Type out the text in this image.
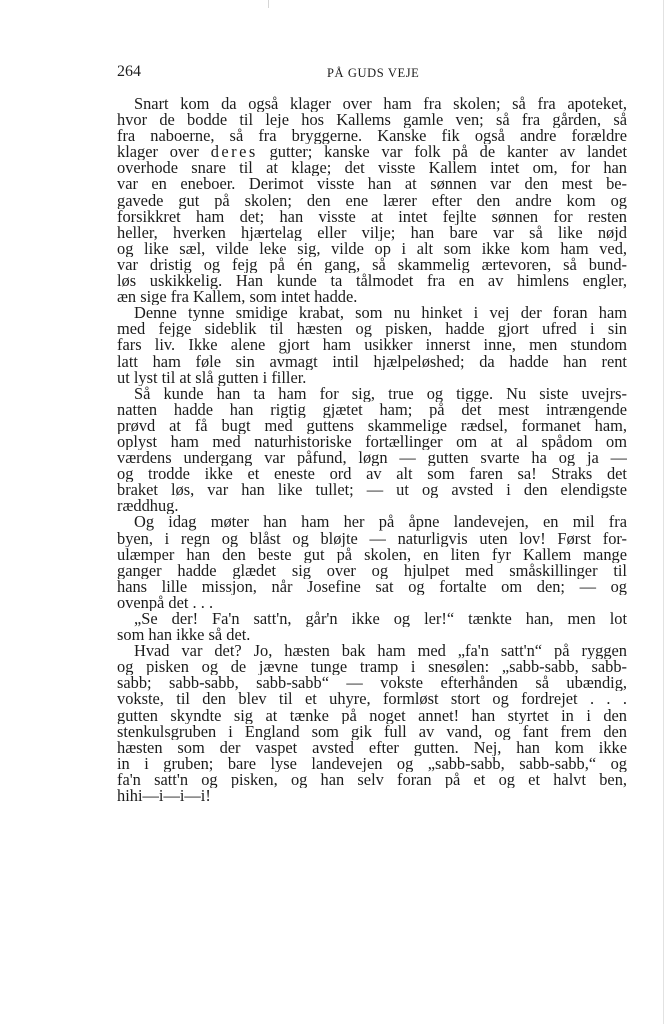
264	PÅ GUDS VEJE
Snart kom da også klager over ham fra skolen; så fra apoteket,
hvor de bodde til leje hos Kallems gamle ven; så fra gården, så
fra naboerne, så fra bryggerne. Kanske fik også andre forældre
klager over deres gutter; kanske var folk på de kanter av landet
overhode snare til at klage; det visste Kallem intet om, for han
var en eneboer. Derimot visste han at sønnen var den mest be-
gavede gut på skolen; den ene lærer efter den andre kom og
forsikkret ham det; han visste at intet fejlte sønnen for resten
heller, hverken hjærtelag eller vilje; han bare var så like nøjd
og like sæl, vilde leke sig, vilde op i alt som ikke kom ham ved,
var dristig og fejg på én gang, så skammelig ærtevoren, så bund-
løs uskikkelig. Han kunde ta tålmodet fra en av himlens engler,
æn sige fra Kallem, som intet hadde.
Denne tynne smidige krabat, som nu hinket i vej der foran ham
med fejge sideblik til hæsten og pisken, hadde gjort ufred i sin
fars liv. Ikke alene gjort ham usikker innerst inne, men stundom
latt ham føle sin avmagt intil hjælpeløshed; da hadde han rent
ut lyst til at slå gutten i filler.
Så kunde han ta ham for sig, true og tigge. Nu siste uvejrs-
natten hadde han rigtig gjætet ham; på det mest intrængende
prøvd at få bugt med guttens skammelige rædsel, formanet ham,
oplyst ham med naturhistoriske fortællinger om at al spådom om
værdens undergang var påfund, løgn — gutten svarte ha og ja —
og trodde ikke et eneste ord av alt som faren sa! Straks det
braket løs, var han like tullet; — ut og avsted i den elendigste
ræddhug.
Og idag møter han ham her på åpne landevejen, en mil fra
byen, i regn og blåst og bløjte — naturligvis uten lov! Først for-
ulæmper han den beste gut på skolen, en liten fyr Kallem mange
ganger hadde glædet sig over og hjulpet med småskillinger til
hans lille missjon, når Josefine sat og fortalte om den; — og
ovenpå det . . .
„Se der! Fa'n satt'n, går'n ikke og ler!“ tænkte han, men lot
som han ikke så det.
Hvad var det? Jo, hæsten bak ham med „fa'n satt'n“ på ryggen
og pisken og de jævne tunge tramp i snesølen: „sabb-sabb, sabb-
sabb; sabb-sabb, sabb-sabb“ — vokste efterhånden så ubændig,
vokste, til den blev til et uhyre, formløst stort og fordrejet . . .
gutten skyndte sig at tænke på noget annet! han styrtet in i den
stenkulsgruben i England som gik full av vand, og fant frem den
hæsten som der vaspet avsted efter gutten. Nej, han kom ikke
in i gruben; bare lyse landevejen og „sabb-sabb, sabb-sabb,“ og
fa'n satt'n og pisken, og han selv foran på et og et halvt ben,
hihi—i—i—i!
